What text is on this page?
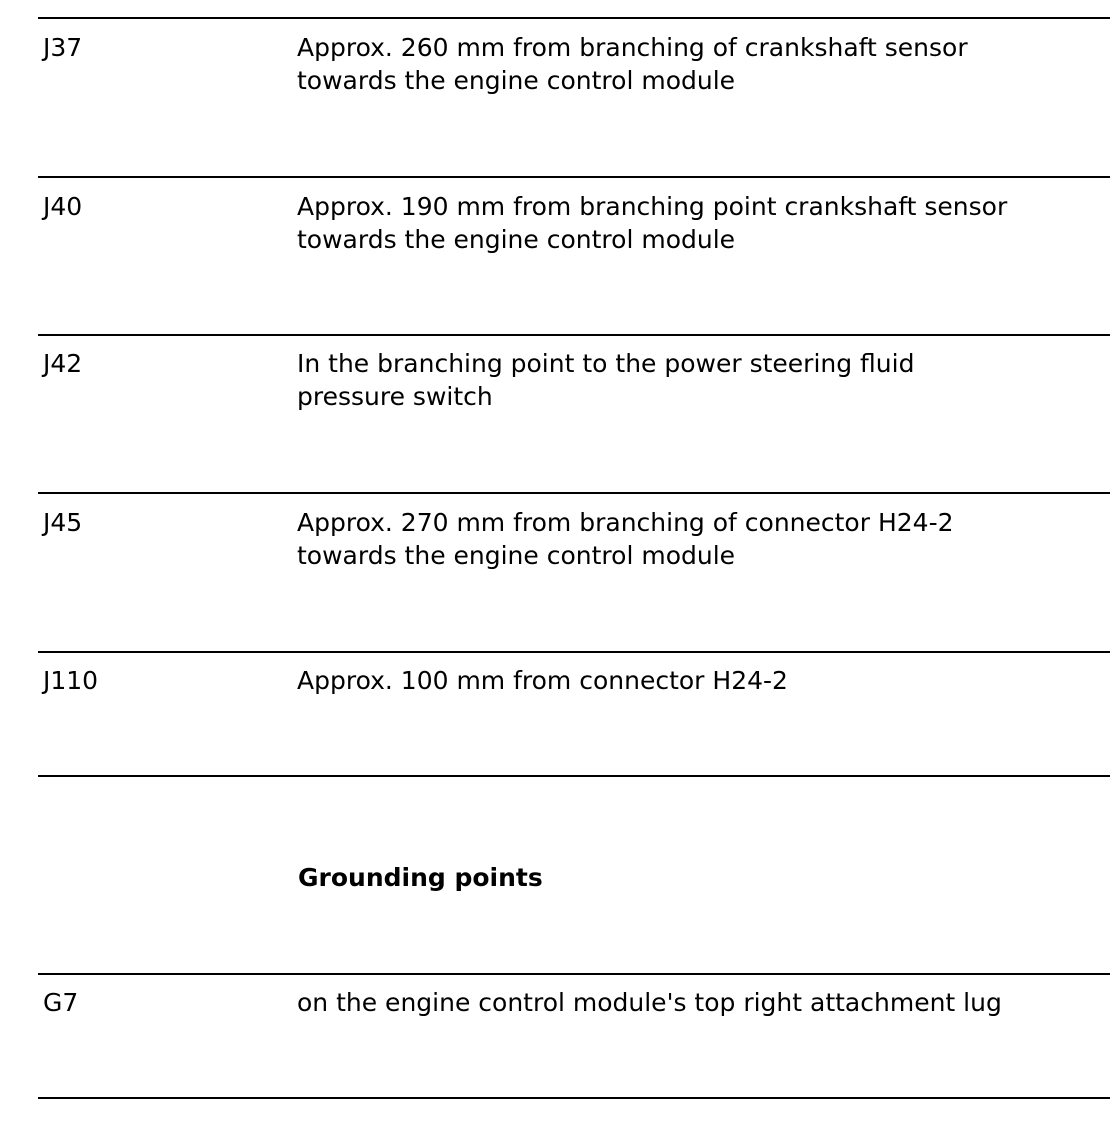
J37	Approx. 260 mm from branching of crankshaft sensor
towards the engine control module
J40	Approx. 190 mm from branching point crankshaft sensor
towards the engine control module
J42	In the branching point to the power steering fluid
pressure switch
J45	Approx. 270 mm from branching of connector H24-2
towards the engine control module
J110	Approx. 100 mm from connector H24-2
Grounding points
G7	on the engine control module's top right attachment lug
